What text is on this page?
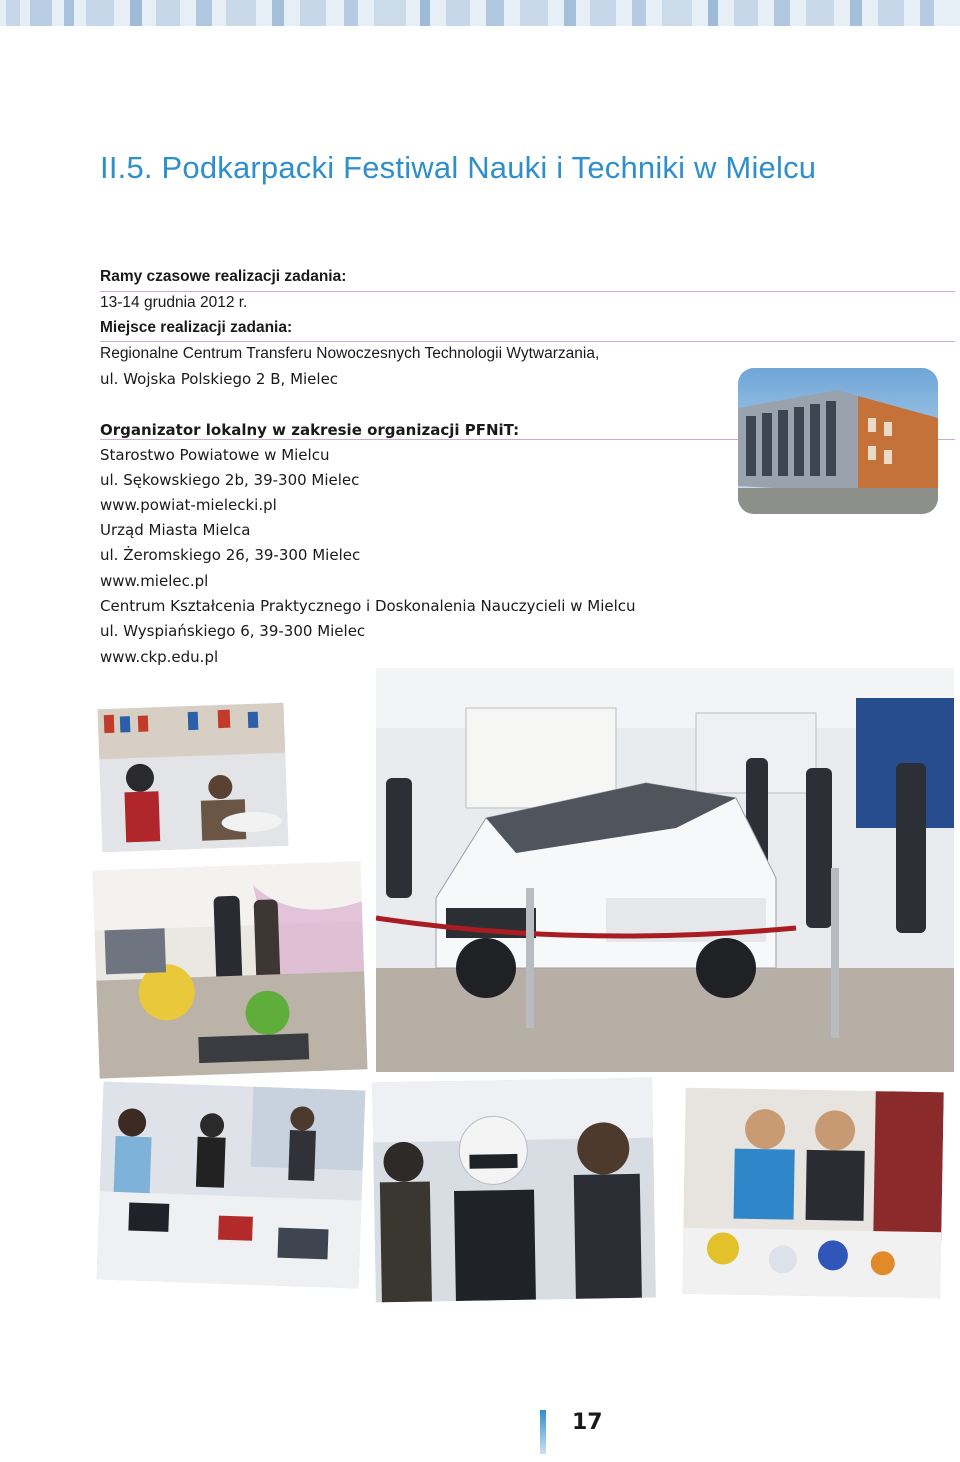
II.5. Podkarpacki Festiwal Nauki i Techniki w Mielcu
Ramy czasowe realizacji zadania:
13-14 grudnia 2012 r.
Miejsce realizacji zadania:
Regionalne Centrum Transferu Nowoczesnych Technologii Wytwarzania,
ul. Wojska Polskiego 2 B, Mielec
Organizator lokalny w zakresie organizacji PFNiT:
Starostwo Powiatowe w Mielcu
ul. Sękowskiego 2b, 39-300 Mielec
www.powiat-mielecki.pl
Urząd Miasta Mielca
ul. Żeromskiego 26, 39-300 Mielec
www.mielec.pl
Centrum Kształcenia Praktycznego i Doskonalenia Nauczycieli w Mielcu
ul. Wyspiańskiego 6, 39-300 Mielec
www.ckp.edu.pl
17
